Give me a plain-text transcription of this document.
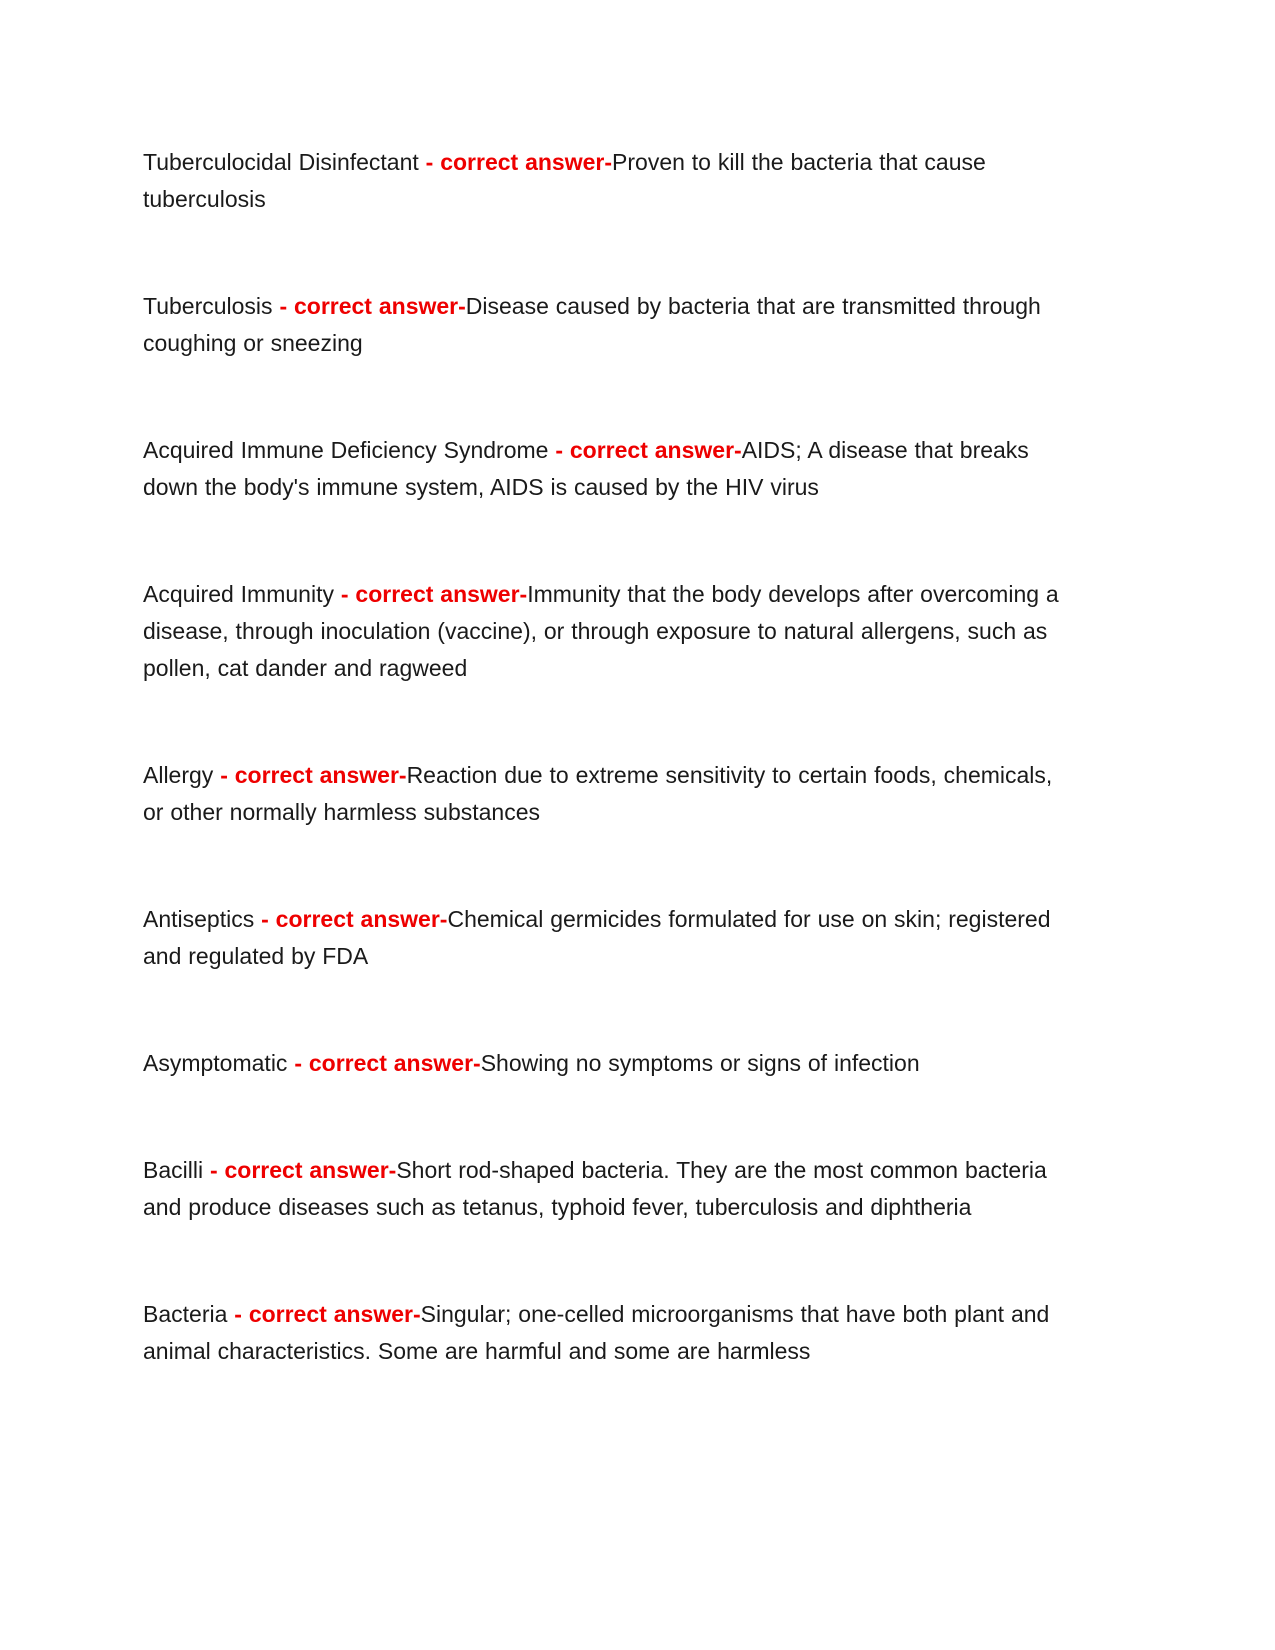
Tuberculocidal Disinfectant - correct answer-Proven to kill the bacteria that cause tuberculosis

Tuberculosis - correct answer-Disease caused by bacteria that are transmitted through coughing or sneezing

Acquired Immune Deficiency Syndrome - correct answer-AIDS; A disease that breaks down the body's immune system, AIDS is caused by the HIV virus

Acquired Immunity - correct answer-Immunity that the body develops after overcoming a disease, through inoculation (vaccine), or through exposure to natural allergens, such as pollen, cat dander and ragweed

Allergy - correct answer-Reaction due to extreme sensitivity to certain foods, chemicals, or other normally harmless substances

Antiseptics - correct answer-Chemical germicides formulated for use on skin; registered and regulated by FDA

Asymptomatic - correct answer-Showing no symptoms or signs of infection

Bacilli - correct answer-Short rod-shaped bacteria. They are the most common bacteria and produce diseases such as tetanus, typhoid fever, tuberculosis and diphtheria

Bacteria - correct answer-Singular; one-celled microorganisms that have both plant and animal characteristics. Some are harmful and some are harmless
